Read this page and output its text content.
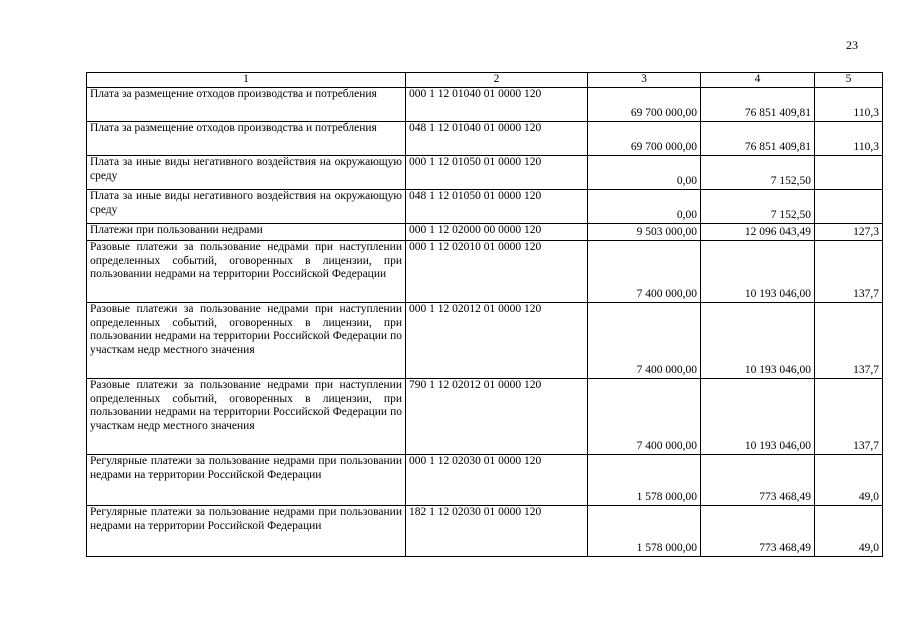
23
1	2	3	4	5
Плата за размещение отходов производства и потребления	000 1 12 01040 01 0000 120	69 700 000,00	76 851 409,81	110,3
Плата за размещение отходов производства и потребления	048 1 12 01040 01 0000 120	69 700 000,00	76 851 409,81	110,3
Плата за иные виды негативного воздействия на окружающую среду	000 1 12 01050 01 0000 120	0,00	7 152,50	
Плата за иные виды негативного воздействия на окружающую среду	048 1 12 01050 01 0000 120	0,00	7 152,50	
Платежи при пользовании недрами	000 1 12 02000 00 0000 120	9 503 000,00	12 096 043,49	127,3
Разовые платежи за пользование недрами при наступлении определенных событий, оговоренных в лицензии, при пользовании недрами на территории Российской Федерации	000 1 12 02010 01 0000 120	7 400 000,00	10 193 046,00	137,7
Разовые платежи за пользование недрами при наступлении определенных событий, оговоренных в лицензии, при пользовании недрами на территории Российской Федерации по участкам недр местного значения	000 1 12 02012 01 0000 120	7 400 000,00	10 193 046,00	137,7
Разовые платежи за пользование недрами при наступлении определенных событий, оговоренных в лицензии, при пользовании недрами на территории Российской Федерации по участкам недр местного значения	790 1 12 02012 01 0000 120	7 400 000,00	10 193 046,00	137,7
Регулярные платежи за пользование недрами при пользовании недрами на территории Российской Федерации	000 1 12 02030 01 0000 120	1 578 000,00	773 468,49	49,0
Регулярные платежи за пользование недрами при пользовании недрами на территории Российской Федерации	182 1 12 02030 01 0000 120	1 578 000,00	773 468,49	49,0
